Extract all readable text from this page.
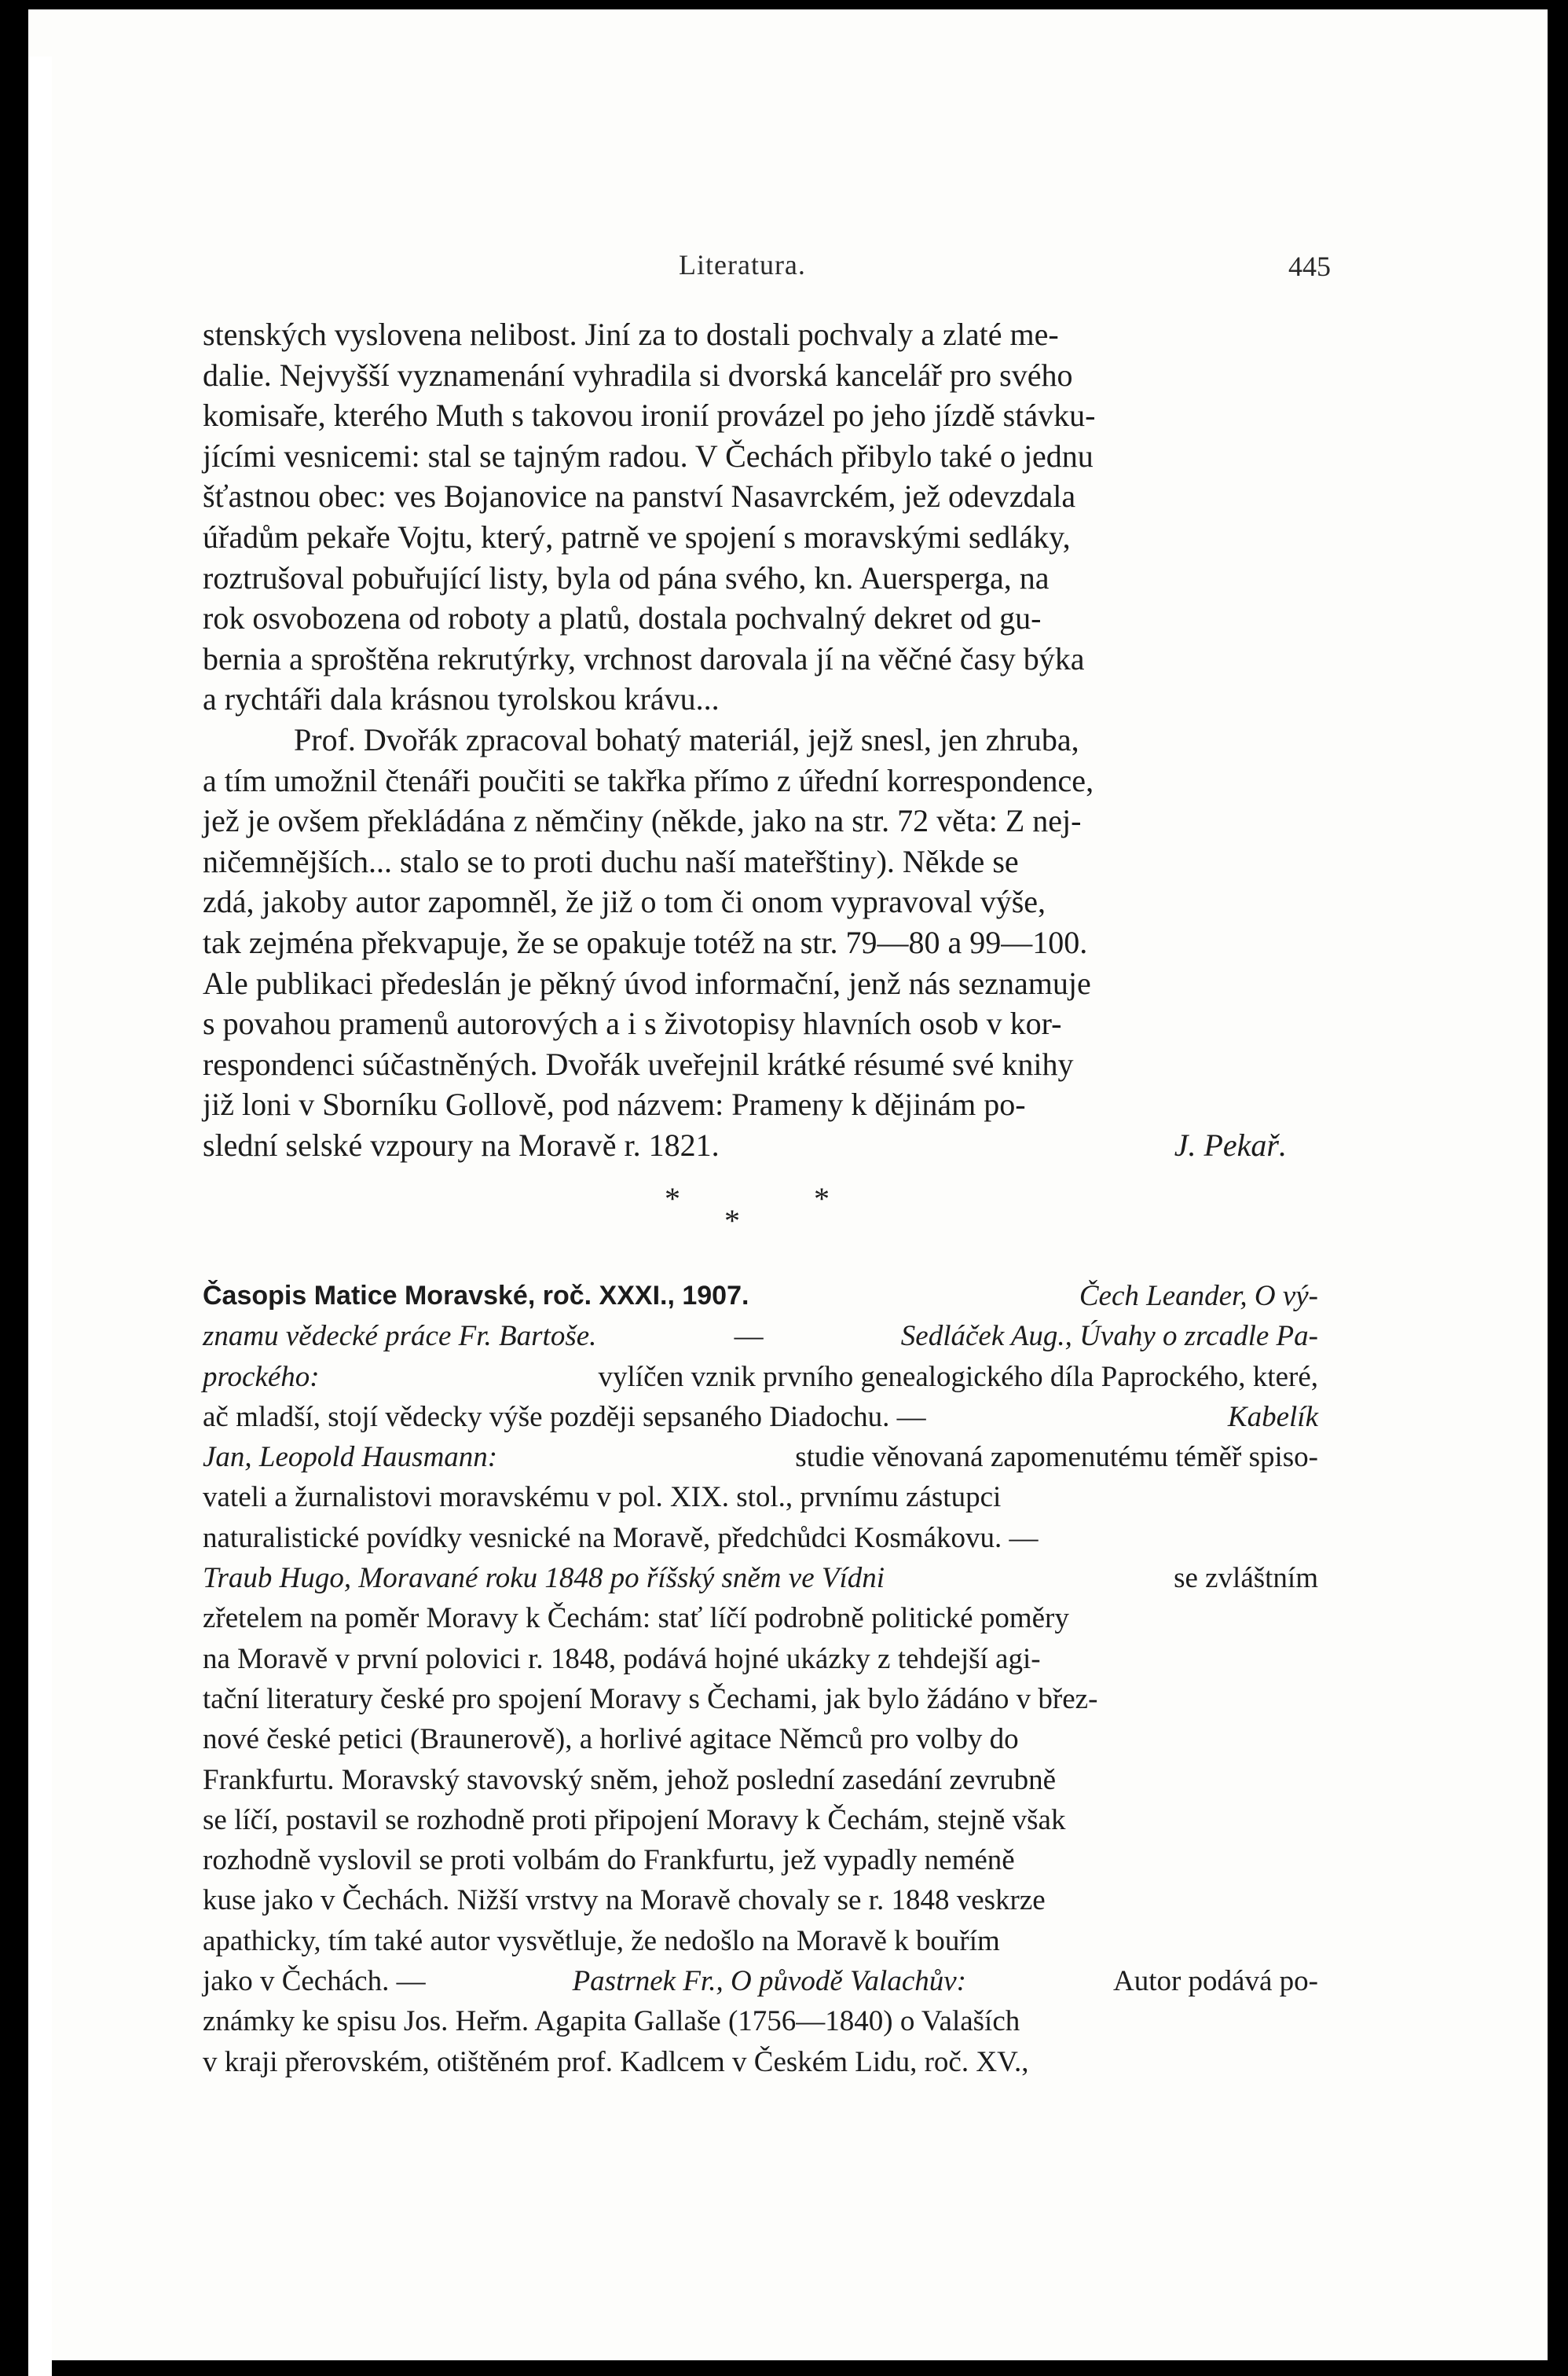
Literatura.	445
stenských vyslovena nelibost. Jiní za to dostali pochvaly a zlaté me-
dalie. Nejvyšší vyznamenání vyhradila si dvorská kancelář pro svého
komisaře, kterého Muth s takovou ironií provázel po jeho jízdě stávku-
jícími vesnicemi: stal se tajným radou. V Čechách přibylo také o jednu
šťastnou obec: ves Bojanovice na panství Nasavrckém, jež odevzdala
úřadům pekaře Vojtu, který, patrně ve spojení s moravskými sedláky,
roztrušoval pobuřující listy, byla od pána svého, kn. Auersperga, na
rok osvobozena od roboty a platů, dostala pochvalný dekret od gu-
bernia a sproštěna rekrutýrky, vrchnost darovala jí na věčné časy býka
a rychtáři dala krásnou tyrolskou krávu...
Prof. Dvořák zpracoval bohatý materiál, jejž snesl, jen zhruba,
a tím umožnil čtenáři poučiti se takřka přímo z úřední korrespondence,
jež je ovšem překládána z němčiny (někde, jako na str. 72 věta: Z nej-
ničemnějších... stalo se to proti duchu naší mateřštiny). Někde se
zdá, jakoby autor zapomněl, že již o tom či onom vypravoval výše,
tak zejména překvapuje, že se opakuje totéž na str. 79—80 a 99—100.
Ale publikaci předeslán je pěkný úvod informační, jenž nás seznamuje
s povahou pramenů autorových a i s životopisy hlavních osob v kor-
respondenci súčastněných. Dvořák uveřejnil krátké résumé své knihy
již loni v Sborníku Gollově, pod názvem: Prameny k dějinám po-
slední selské vzpoury na Moravě r. 1821.	J. Pekař.
*
*
*
Časopis Matice Moravské, roč. XXXI., 1907.	Čech Leander, O vý-
znamu vědecké práce Fr. Bartoše.	—	Sedláček Aug., Úvahy o zrcadle Pa-
prockého:	vylíčen vznik prvního genealogického díla Paprockého, které,
ač mladší, stojí vědecky výše později sepsaného Diadochu. —	Kabelík
Jan, Leopold Hausmann:	studie věnovaná zapomenutému téměř spiso-
vateli a žurnalistovi moravskému v pol. XIX. stol., prvnímu zástupci
naturalistické povídky vesnické na Moravě, předchůdci Kosmákovu. —
Traub Hugo, Moravané roku 1848 po říšský sněm ve Vídni	se zvláštním
zřetelem na poměr Moravy k Čechám: stať líčí podrobně politické poměry
na Moravě v první polovici r. 1848, podává hojné ukázky z tehdejší agi-
tační literatury české pro spojení Moravy s Čechami, jak bylo žádáno v břez-
nové české petici (Braunerově), a horlivé agitace Němců pro volby do
Frankfurtu. Moravský stavovský sněm, jehož poslední zasedání zevrubně
se líčí, postavil se rozhodně proti připojení Moravy k Čechám, stejně však
rozhodně vyslovil se proti volbám do Frankfurtu, jež vypadly neméně
kuse jako v Čechách. Nižší vrstvy na Moravě chovaly se r. 1848 veskrze
apathicky, tím také autor vysvětluje, že nedošlo na Moravě k bouřím
jako v Čechách. —	Pastrnek Fr., O původě Valachův:	Autor podává po-
známky ke spisu Jos. Heřm. Agapita Gallaše (1756—1840) o Valaších
v kraji přerovském, otištěném prof. Kadlcem v Českém Lidu, roč. XV.,
